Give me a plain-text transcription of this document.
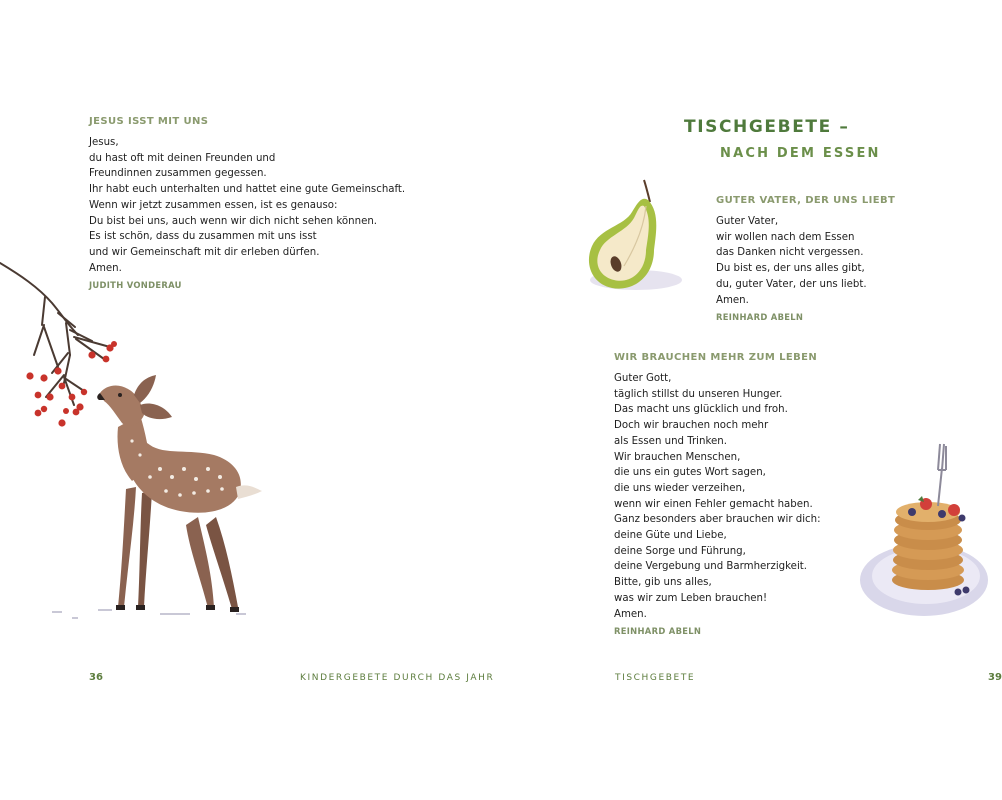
JESUS ISST MIT UNS
Jesus,
du hast oft mit deinen Freunden und
Freundinnen zusammen gegessen.
Ihr habt euch unterhalten und hattet eine gute Gemeinschaft.
Wenn wir jetzt zusammen essen, ist es genauso:
Du bist bei uns, auch wenn wir dich nicht sehen können.
Es ist schön, dass du zusammen mit uns isst
und wir Gemeinschaft mit dir erleben dürfen.
Amen.
JUDITH VONDERAU
36	KINDERGEBETE DURCH DAS JAHR
TISCHGEBETE –
NACH DEM ESSEN
GUTER VATER, DER UNS LIEBT
Guter Vater,
wir wollen nach dem Essen
das Danken nicht vergessen.
Du bist es, der uns alles gibt,
du, guter Vater, der uns liebt.
Amen.
REINHARD ABELN
WIR BRAUCHEN MEHR ZUM LEBEN
Guter Gott,
täglich stillst du unseren Hunger.
Das macht uns glücklich und froh.
Doch wir brauchen noch mehr
als Essen und Trinken.
Wir brauchen Menschen,
die uns ein gutes Wort sagen,
die uns wieder verzeihen,
wenn wir einen Fehler gemacht haben.
Ganz besonders aber brauchen wir dich:
deine Güte und Liebe,
deine Sorge und Führung,
deine Vergebung und Barmherzigkeit.
Bitte, gib uns alles,
was wir zum Leben brauchen!
Amen.
REINHARD ABELN
TISCHGEBETE	39
